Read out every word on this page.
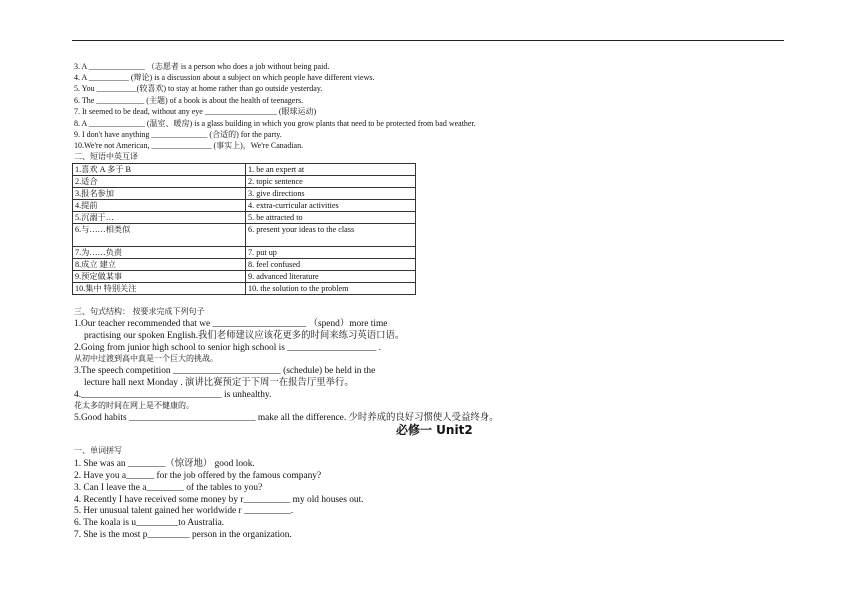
3. A ______________ （志愿者 is a person who does a job without being paid.
4. A __________ (辩论) is a discussion about a subject on which people have different views.
5. You __________(较喜欢) to stay at home rather than go outside yesterday.
6. The ____________ (主题) of a book is about the health of teenagers.
7. It seemed to be dead, without any eye __________________ (眼球运动)
8. A ______________ (温室、暖房) is a glass building in which you grow plants that need to be protected from bad weather.
9. I don't have anything ______________ (合适的) for the party.
10.We're not American, _______________ (事实上)，We're Canadian.
二、短语中英互译
1.喜欢 A 多于 B	1. be an expert at
2.适合	2. topic sentence
3.报名参加	3. give directions
4.提前	4. extra-curricular activities
5.沉溺于…	5. be attracted to
6.与……相类似	6. present your ideas to the class
7.为……负责	7. put up
8.成立 建立	8. feel confused
9.预定做某事	9. advanced literature
10.集中 特别关注	10. the solution to the problem
三、句式结构： 按要求完成下列句子
1.Our teacher recommended that we ____________________ （spend）more time
practising our spoken English.我们老师建议应该花更多的时间来练习英语口语。
2.Going from junior high school to senior high school is ___________________ .
从初中过渡到高中真是一个巨大的挑战。
3.The speech competition _______________________ (schedule) be held in the
lecture hall next Monday . 演讲比赛预定于下周一在报告厅里举行。
4.______________________________ is unhealthy.
花太多的时间在网上是不健康的。
5.Good habits ___________________________ make all the difference. 少时养成的良好习惯使人受益终身。
必修一 Unit2
一、单词拼写
1. She was an ________（惊讶地） good look.
2. Have you a______ for the job offered by the famous company?
3. Can I leave the a________ of the tables to you?
4. Recently I have received some money by r__________ my old houses out.
5. Her unusual talent gained her worldwide r __________.
6. The koala is u_________to Australia.
7. She is the most p_________ person in the organization.
